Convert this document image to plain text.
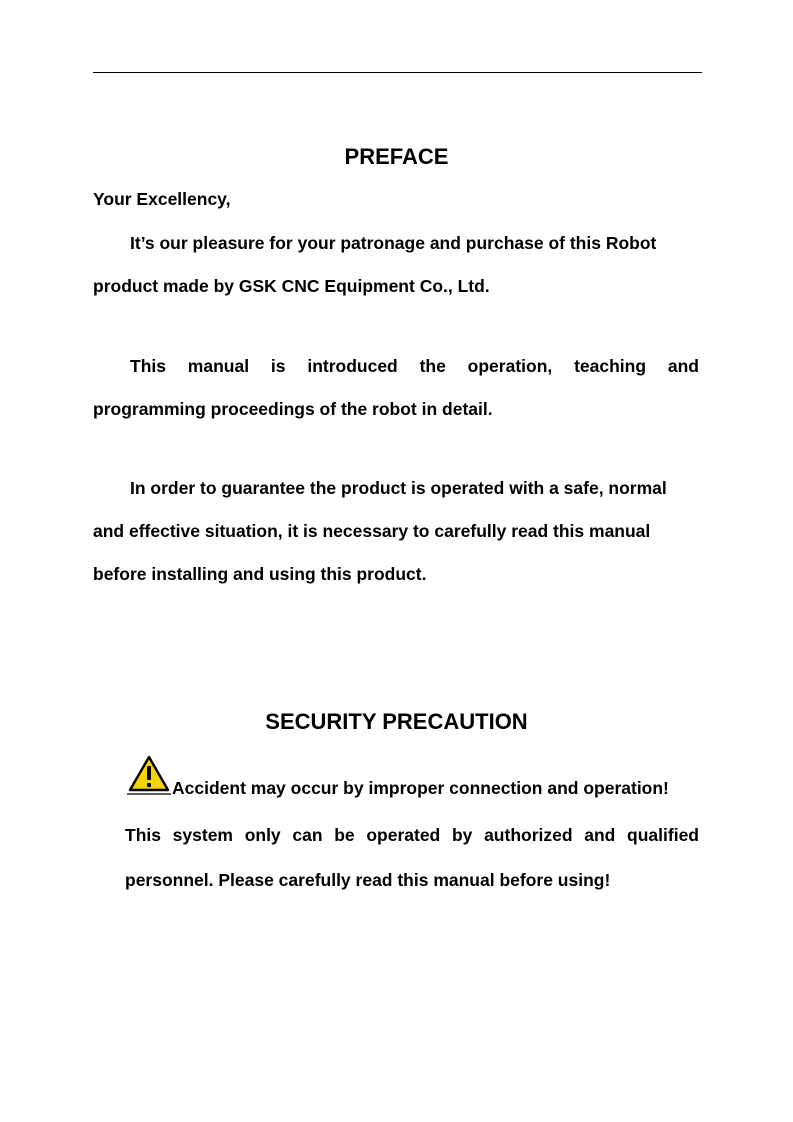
PREFACE
Your Excellency,
It’s our pleasure for your patronage and purchase of this Robot
product made by GSK CNC Equipment Co., Ltd.
This manual is introduced the operation, teaching and
programming proceedings of the robot in detail.
In order to guarantee the product is operated with a safe, normal
and effective situation, it is necessary to carefully read this manual
before installing and using this product.
SECURITY PRECAUTION
Accident may occur by improper connection and operation!
This system only can be operated by authorized and qualified
personnel. Please carefully read this manual before using!
